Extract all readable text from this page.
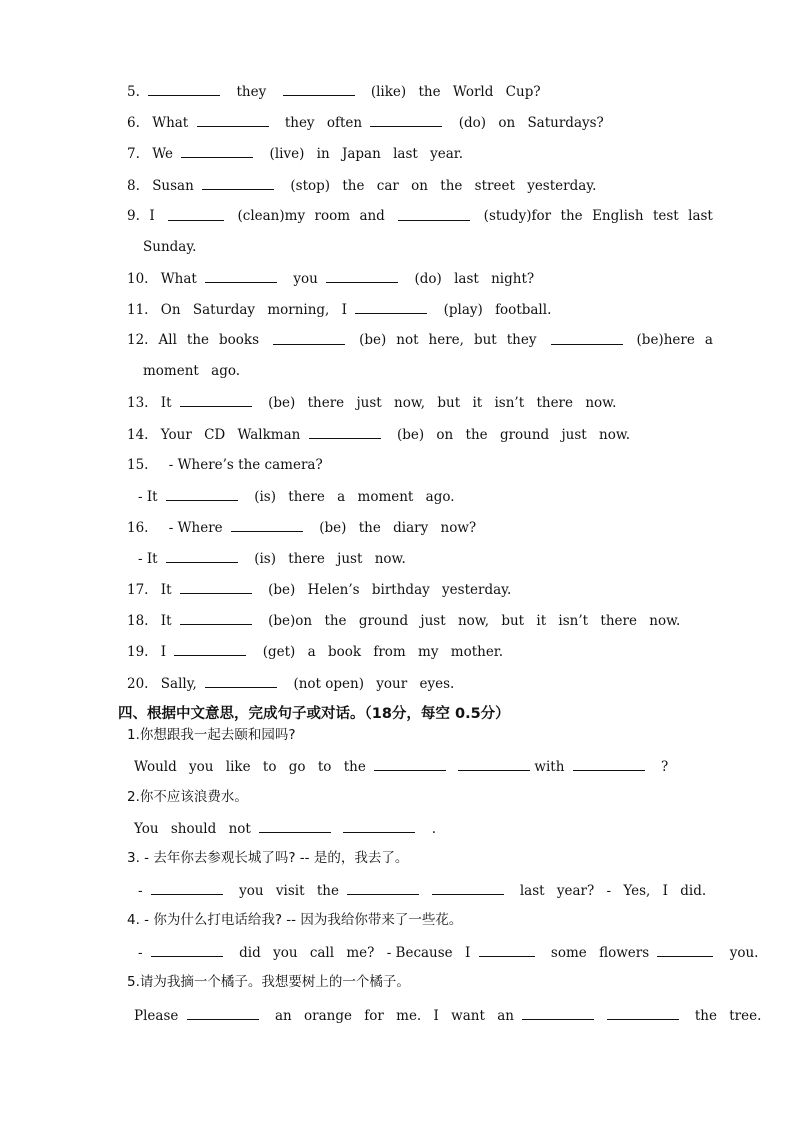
5.	they	(like) the World Cup?
6. What	they often	(do) on Saturdays?
7. We	(live) in Japan last year.
8. Susan	(stop) the car on the street yesterday.
9. I	(clean)my room and	(study)for the English test last
Sunday.
10. What	you	(do) last night?
11. On Saturday morning, I	(play) football.
12. All the books	(be) not here, but they	(be)here a
moment ago.
13. It	(be) there just now, but it isn’t there now.
14. Your CD Walkman	(be) on the ground just now.
15. - Where’s the camera?
- It	(is) there a moment ago.
16. - Where	(be) the diary now?
- It	(is) there just now.
17. It	(be) Helen’s birthday yesterday.
18. It	(be)on the ground just now, but it isn’t there now.
19. I	(get) a book from my mother.
20. Sally,	(not open) your eyes.
四、根据中文意思，完成句子或对话。（18分，每空 0.5分）
1.你想跟我一起去颐和园吗?
Would you like to go to the	with	?
2.你不应该浪费水。
You should not	.
3. - 去年你去参观长城了吗? -- 是的，我去了。
-	you visit the	last year? - Yes, I did.
4. - 你为什么打电话给我? -- 因为我给你带来了一些花。
-	did you call me? - Because I	some flowers	you.
5.请为我摘一个橘子。我想要树上的一个橘子。
Please	an orange for me. I want an	the tree.
